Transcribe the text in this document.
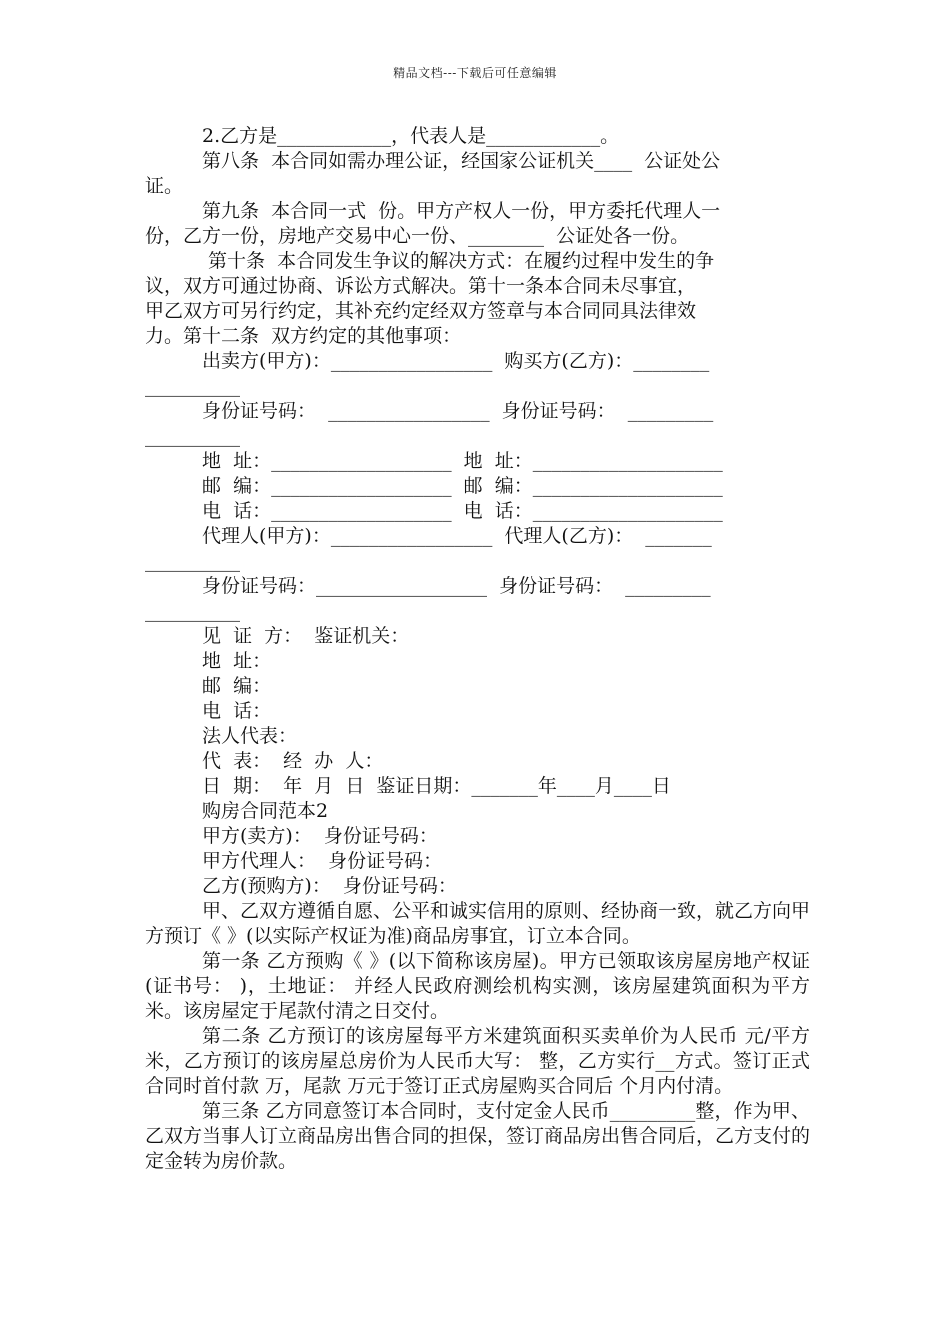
精品文档---下载后可任意编辑
2.乙方是____________，代表人是____________。
第八条  本合同如需办理公证，经国家公证机关____  公证处公
证。
第九条  本合同一式  份。甲方产权人一份，甲方委托代理人一
份，乙方一份，房地产交易中心一份、________  公证处各一份。
第十条  本合同发生争议的解决方式：在履约过程中发生的争
议，双方可通过协商、诉讼方式解决。第十一条本合同未尽事宜，
甲乙双方可另行约定，其补充约定经双方签章与本合同同具法律效
力。第十二条  双方约定的其他事项：
出卖方(甲方)：_________________  购买方(乙方)：________
__________
身份证号码：  _________________  身份证号码：  _________
__________
地  址：___________________  地  址：____________________
邮  编：___________________  邮  编：____________________
电  话：___________________  电  话：____________________
代理人(甲方)：_________________  代理人(乙方)：  _______
__________
身份证号码：__________________  身份证号码：  _________
__________
见  证  方：  鉴证机关：
地  址：
邮  编：
电  话：
法人代表：
代  表：  经  办  人：
日  期：  年  月  日  鉴证日期：_______年____月____日
购房合同范本2
甲方(卖方)：  身份证号码：
甲方代理人：  身份证号码：
乙方(预购方)：  身份证号码：

甲、乙双方遵循自愿、公平和诚实信用的原则、经协商一致，就乙方向甲方预订《 》(以实际产权证为准)商品房事宜，订立本合同。

第一条 乙方预购《 》(以下简称该房屋)。甲方已领取该房屋房地产权证 (证书号： )，土地证： 并经人民政府测绘机构实测，该房屋建筑面积为平方米。该房屋定于尾款付清之日交付。

第二条 乙方预订的该房屋每平方米建筑面积买卖单价为人民币 元/平方米，乙方预订的该房屋总房价为人民币大写： 整，乙方实行__方式。签订正式合同时首付款 万，尾款 万元于签订正式房屋购买合同后 个月内付清。

第三条 乙方同意签订本合同时，支付定金人民币_________整，作为甲、乙双方当事人订立商品房出售合同的担保，签订商品房出售合同后，乙方支付的定金转为房价款。
